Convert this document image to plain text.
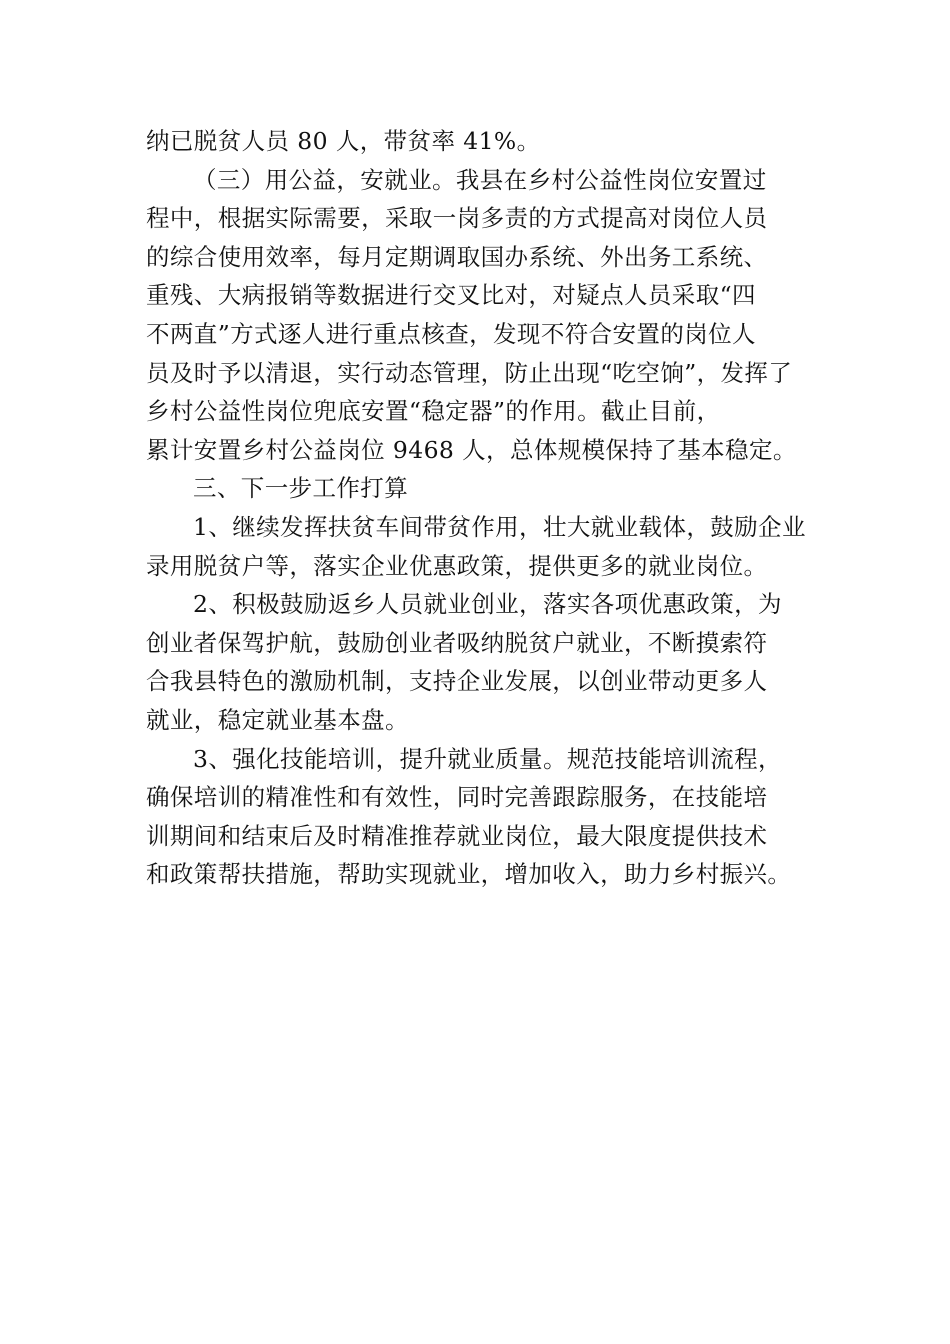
纳已脱贫人员 80 人，带贫率 41%。
（三）用公益，安就业。我县在乡村公益性岗位安置过
程中，根据实际需要，采取一岗多责的方式提高对岗位人员
的综合使用效率，每月定期调取国办系统、外出务工系统、
重残、大病报销等数据进行交叉比对，对疑点人员采取“四
不两直”方式逐人进行重点核查，发现不符合安置的岗位人
员及时予以清退，实行动态管理，防止出现“吃空饷”，发挥了
乡村公益性岗位兜底安置“稳定器”的作用。截止目前，
累计安置乡村公益岗位 9468 人，总体规模保持了基本稳定。
三、下一步工作打算
1、继续发挥扶贫车间带贫作用，壮大就业载体，鼓励企业
录用脱贫户等，落实企业优惠政策，提供更多的就业岗位。
2、积极鼓励返乡人员就业创业，落实各项优惠政策，为
创业者保驾护航，鼓励创业者吸纳脱贫户就业，不断摸索符
合我县特色的激励机制，支持企业发展，以创业带动更多人
就业，稳定就业基本盘。
3、强化技能培训，提升就业质量。规范技能培训流程，
确保培训的精准性和有效性，同时完善跟踪服务，在技能培
训期间和结束后及时精准推荐就业岗位，最大限度提供技术
和政策帮扶措施，帮助实现就业，增加收入，助力乡村振兴。
